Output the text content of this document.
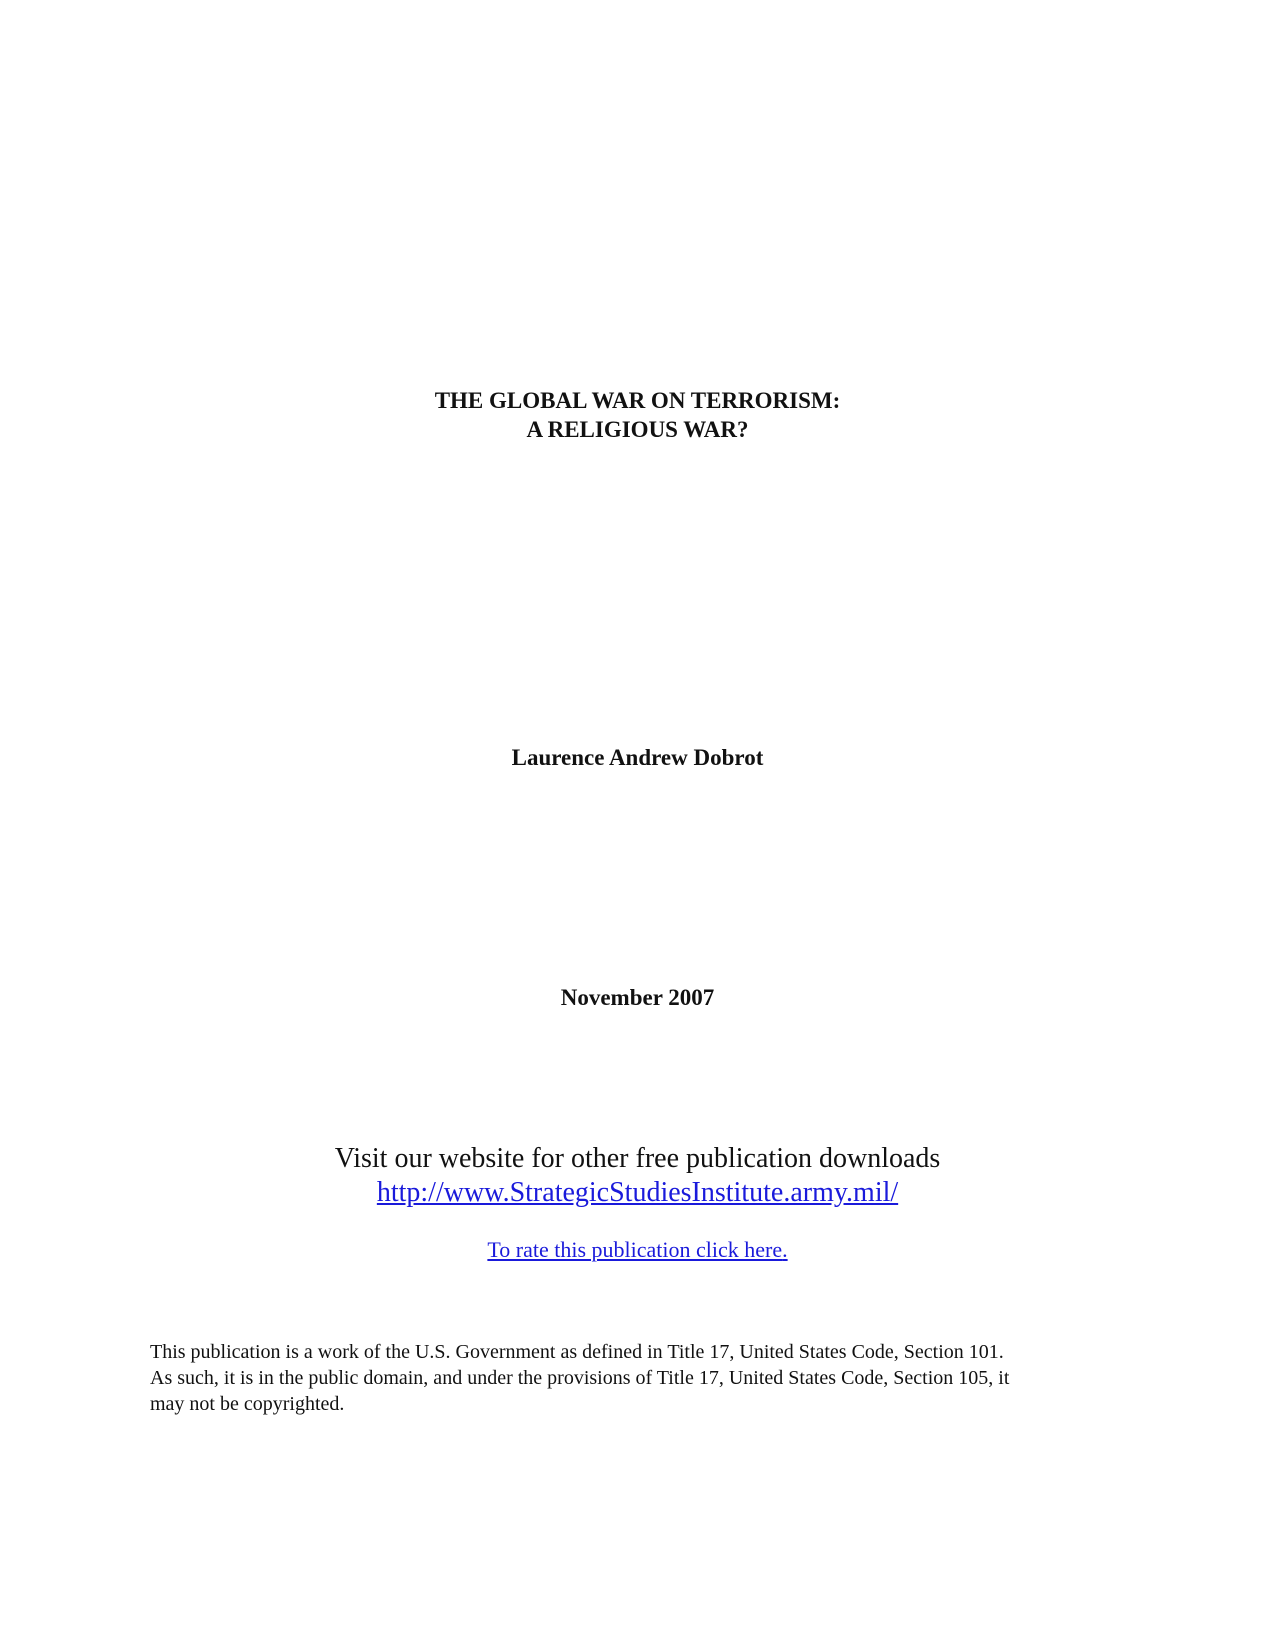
THE GLOBAL WAR ON TERRORISM:
A RELIGIOUS WAR?
Laurence Andrew Dobrot
November 2007
Visit our website for other free publication downloads
http://www.StrategicStudiesInstitute.army.mil/
To rate this publication click here.
This publication is a work of the U.S. Government as defined in Title 17, United States Code, Section 101.
As such, it is in the public domain, and under the provisions of Title 17, United States Code, Section 105, it
may not be copyrighted.
